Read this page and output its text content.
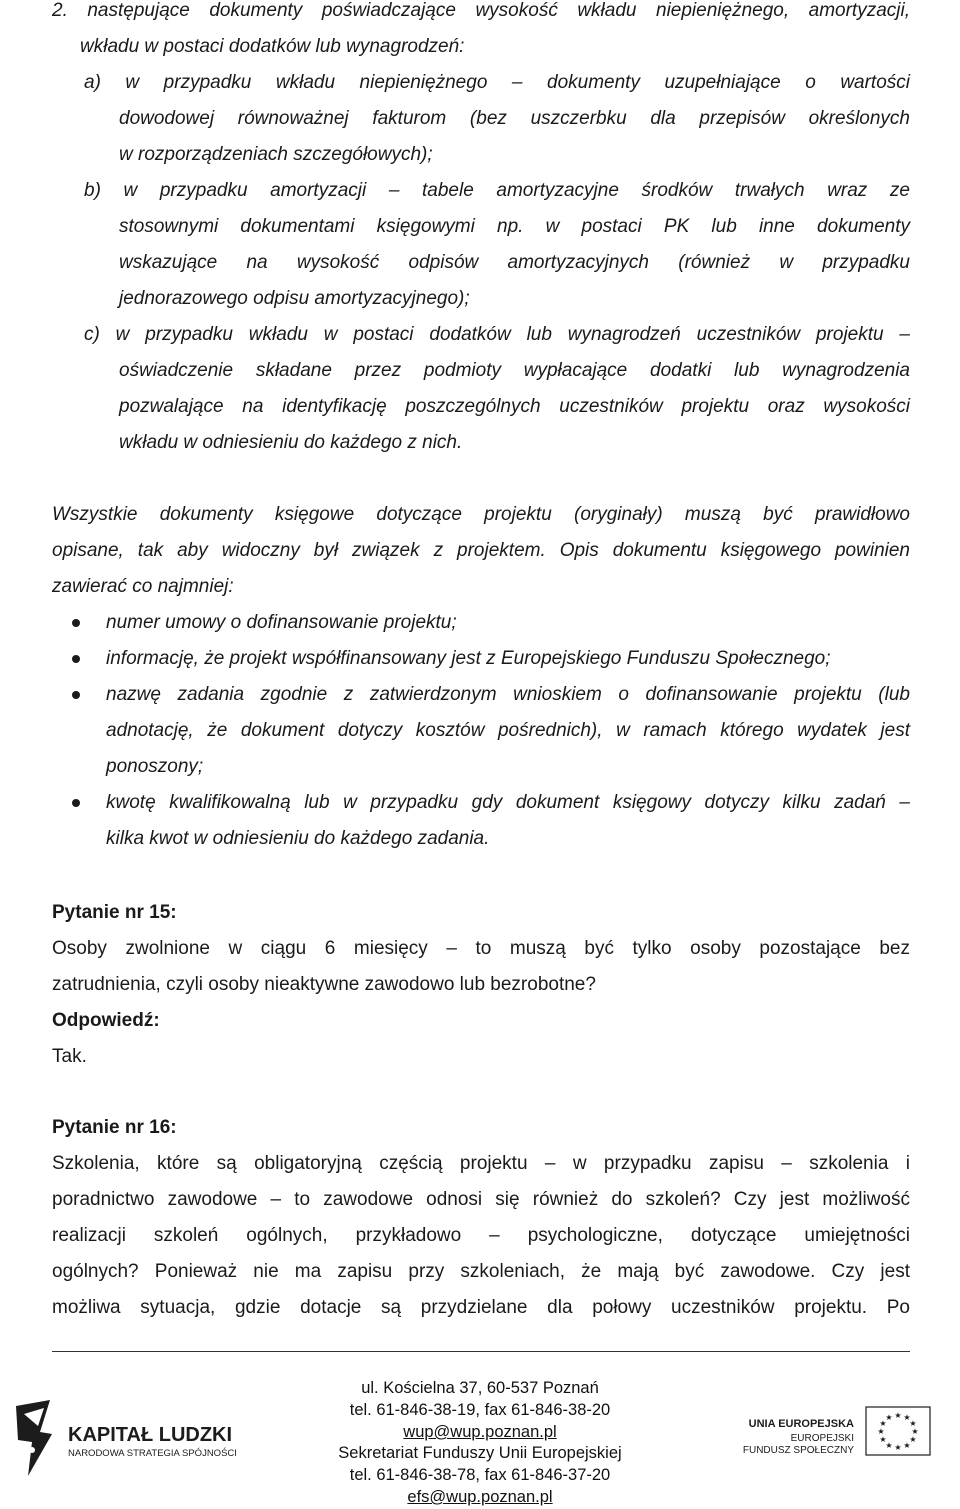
2. następujące dokumenty poświadczające wysokość wkładu niepieniężnego, amortyzacji,
wkładu w postaci dodatków lub wynagrodzeń:
a) w przypadku wkładu niepieniężnego – dokumenty uzupełniające o wartości
dowodowej równoważnej fakturom (bez uszczerbku dla przepisów określonych
w rozporządzeniach szczegółowych);
b) w przypadku amortyzacji – tabele amortyzacyjne środków trwałych wraz ze
stosownymi dokumentami księgowymi np. w postaci PK lub inne dokumenty
wskazujące na wysokość odpisów amortyzacyjnych (również w przypadku
jednorazowego odpisu amortyzacyjnego);
c) w przypadku wkładu w postaci dodatków lub wynagrodzeń uczestników projektu –
oświadczenie składane przez podmioty wypłacające dodatki lub wynagrodzenia
pozwalające na identyfikację poszczególnych uczestników projektu oraz wysokości
wkładu w odniesieniu do każdego z nich.
Wszystkie dokumenty księgowe dotyczące projektu (oryginały) muszą być prawidłowo
opisane, tak aby widoczny był związek z projektem. Opis dokumentu księgowego powinien
zawierać co najmniej:
numer umowy o dofinansowanie projektu;
informację, że projekt współfinansowany jest z Europejskiego Funduszu Społecznego;
nazwę zadania zgodnie z zatwierdzonym wnioskiem o dofinansowanie projektu (lub
adnotację, że dokument dotyczy kosztów pośrednich), w ramach którego wydatek jest
ponoszony;
kwotę kwalifikowalną lub w przypadku gdy dokument księgowy dotyczy kilku zadań –
kilka kwot w odniesieniu do każdego zadania.
Pytanie nr 15:
Osoby zwolnione w ciągu 6 miesięcy – to muszą być tylko osoby pozostające bez
zatrudnienia, czyli osoby nieaktywne zawodowo lub bezrobotne?
Odpowiedź:
Tak.
Pytanie nr 16:
Szkolenia, które są obligatoryjną częścią projektu – w przypadku zapisu – szkolenia i
poradnictwo zawodowe – to zawodowe odnosi się również do szkoleń? Czy jest możliwość
realizacji szkoleń ogólnych, przykładowo – psychologiczne, dotyczące umiejętności
ogólnych? Ponieważ nie ma zapisu przy szkoleniach, że mają być zawodowe. Czy jest
możliwa sytuacja, gdzie dotacje są przydzielane dla połowy uczestników projektu. Po
KAPITAŁ LUDZKI
NARODOWA STRATEGIA SPÓJNOŚCI
ul. Kościelna 37, 60-537 Poznań
tel. 61-846-38-19, fax 61-846-38-20
wup@wup.poznan.pl
Sekretariat Funduszy Unii Europejskiej
tel. 61-846-38-78, fax 61-846-37-20
efs@wup.poznan.pl
UNIA EUROPEJSKA
EUROPEJSKI
FUNDUSZ SPOŁECZNY
★ ★
★
★
★
★
★
★
★
★
★
★
